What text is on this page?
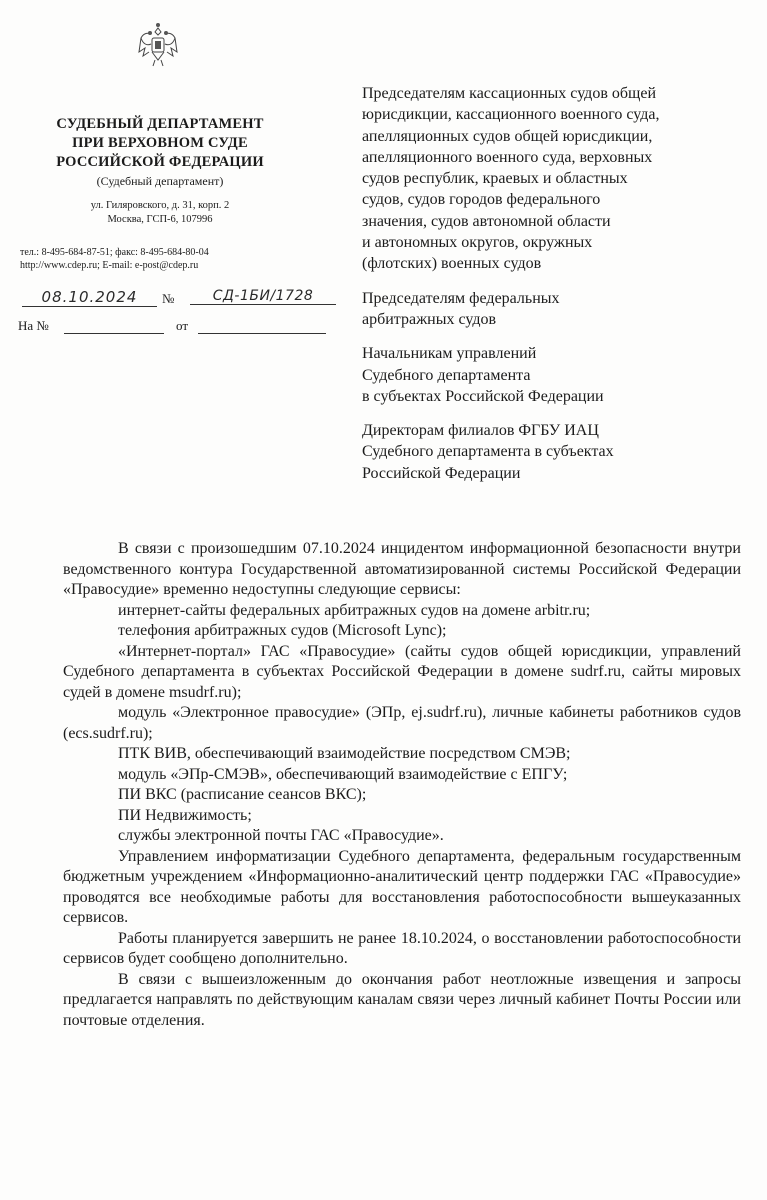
СУДЕБНЫЙ ДЕПАРТАМЕНТ
ПРИ ВЕРХОВНОМ СУДЕ
РОССИЙСКОЙ ФЕДЕРАЦИИ
(Судебный департамент)
ул. Гиляровского, д. 31, корп. 2
Москва, ГСП-6, 107996
тел.: 8-495-684-87-51; факс: 8-495-684-80-04
http://www.cdep.ru; E-mail: e-post@cdep.ru
08.10.2024	№	СД-1БИ/1728
На №	от
Председателям кассационных судов общей
юрисдикции, кассационного военного суда,
апелляционных судов общей юрисдикции,
апелляционного военного суда, верховных
судов республик, краевых и областных
судов, судов городов федерального
значения, судов автономной области
и автономных округов, окружных
(флотских) военных судов
Председателям федеральных
арбитражных судов
Начальникам управлений
Судебного департамента
в субъектах Российской Федерации
Директорам филиалов ФГБУ ИАЦ
Судебного департамента в субъектах
Российской Федерации

В связи с произошедшим 07.10.2024 инцидентом информационной безопасности внутри ведомственного контура Государственной автоматизированной системы Российской Федерации «Правосудие» временно недоступны следующие сервисы:

интернет-сайты федеральных арбитражных судов на домене arbitr.ru;

телефония арбитражных судов (Microsoft Lync);

«Интернет-портал» ГАС «Правосудие» (сайты судов общей юрисдикции, управлений Судебного департамента в субъектах Российской Федерации в домене sudrf.ru, сайты мировых судей в домене msudrf.ru);

модуль «Электронное правосудие» (ЭПр, ej.sudrf.ru), личные кабинеты работников судов (ecs.sudrf.ru);

ПТК ВИВ, обеспечивающий взаимодействие посредством СМЭВ;

модуль «ЭПр-СМЭВ», обеспечивающий взаимодействие с ЕПГУ;

ПИ ВКС (расписание сеансов ВКС);

ПИ Недвижимость;

службы электронной почты ГАС «Правосудие».

Управлением информатизации Судебного департамента, федеральным государственным бюджетным учреждением «Информационно-аналитический центр поддержки ГАС «Правосудие» проводятся все необходимые работы для восстановления работоспособности вышеуказанных сервисов.

Работы планируется завершить не ранее 18.10.2024, о восстановлении работоспособности сервисов будет сообщено дополнительно.

В связи с вышеизложенным до окончания работ неотложные извещения и запросы предлагается направлять по действующим каналам связи через личный кабинет Почты России или почтовые отделения.
